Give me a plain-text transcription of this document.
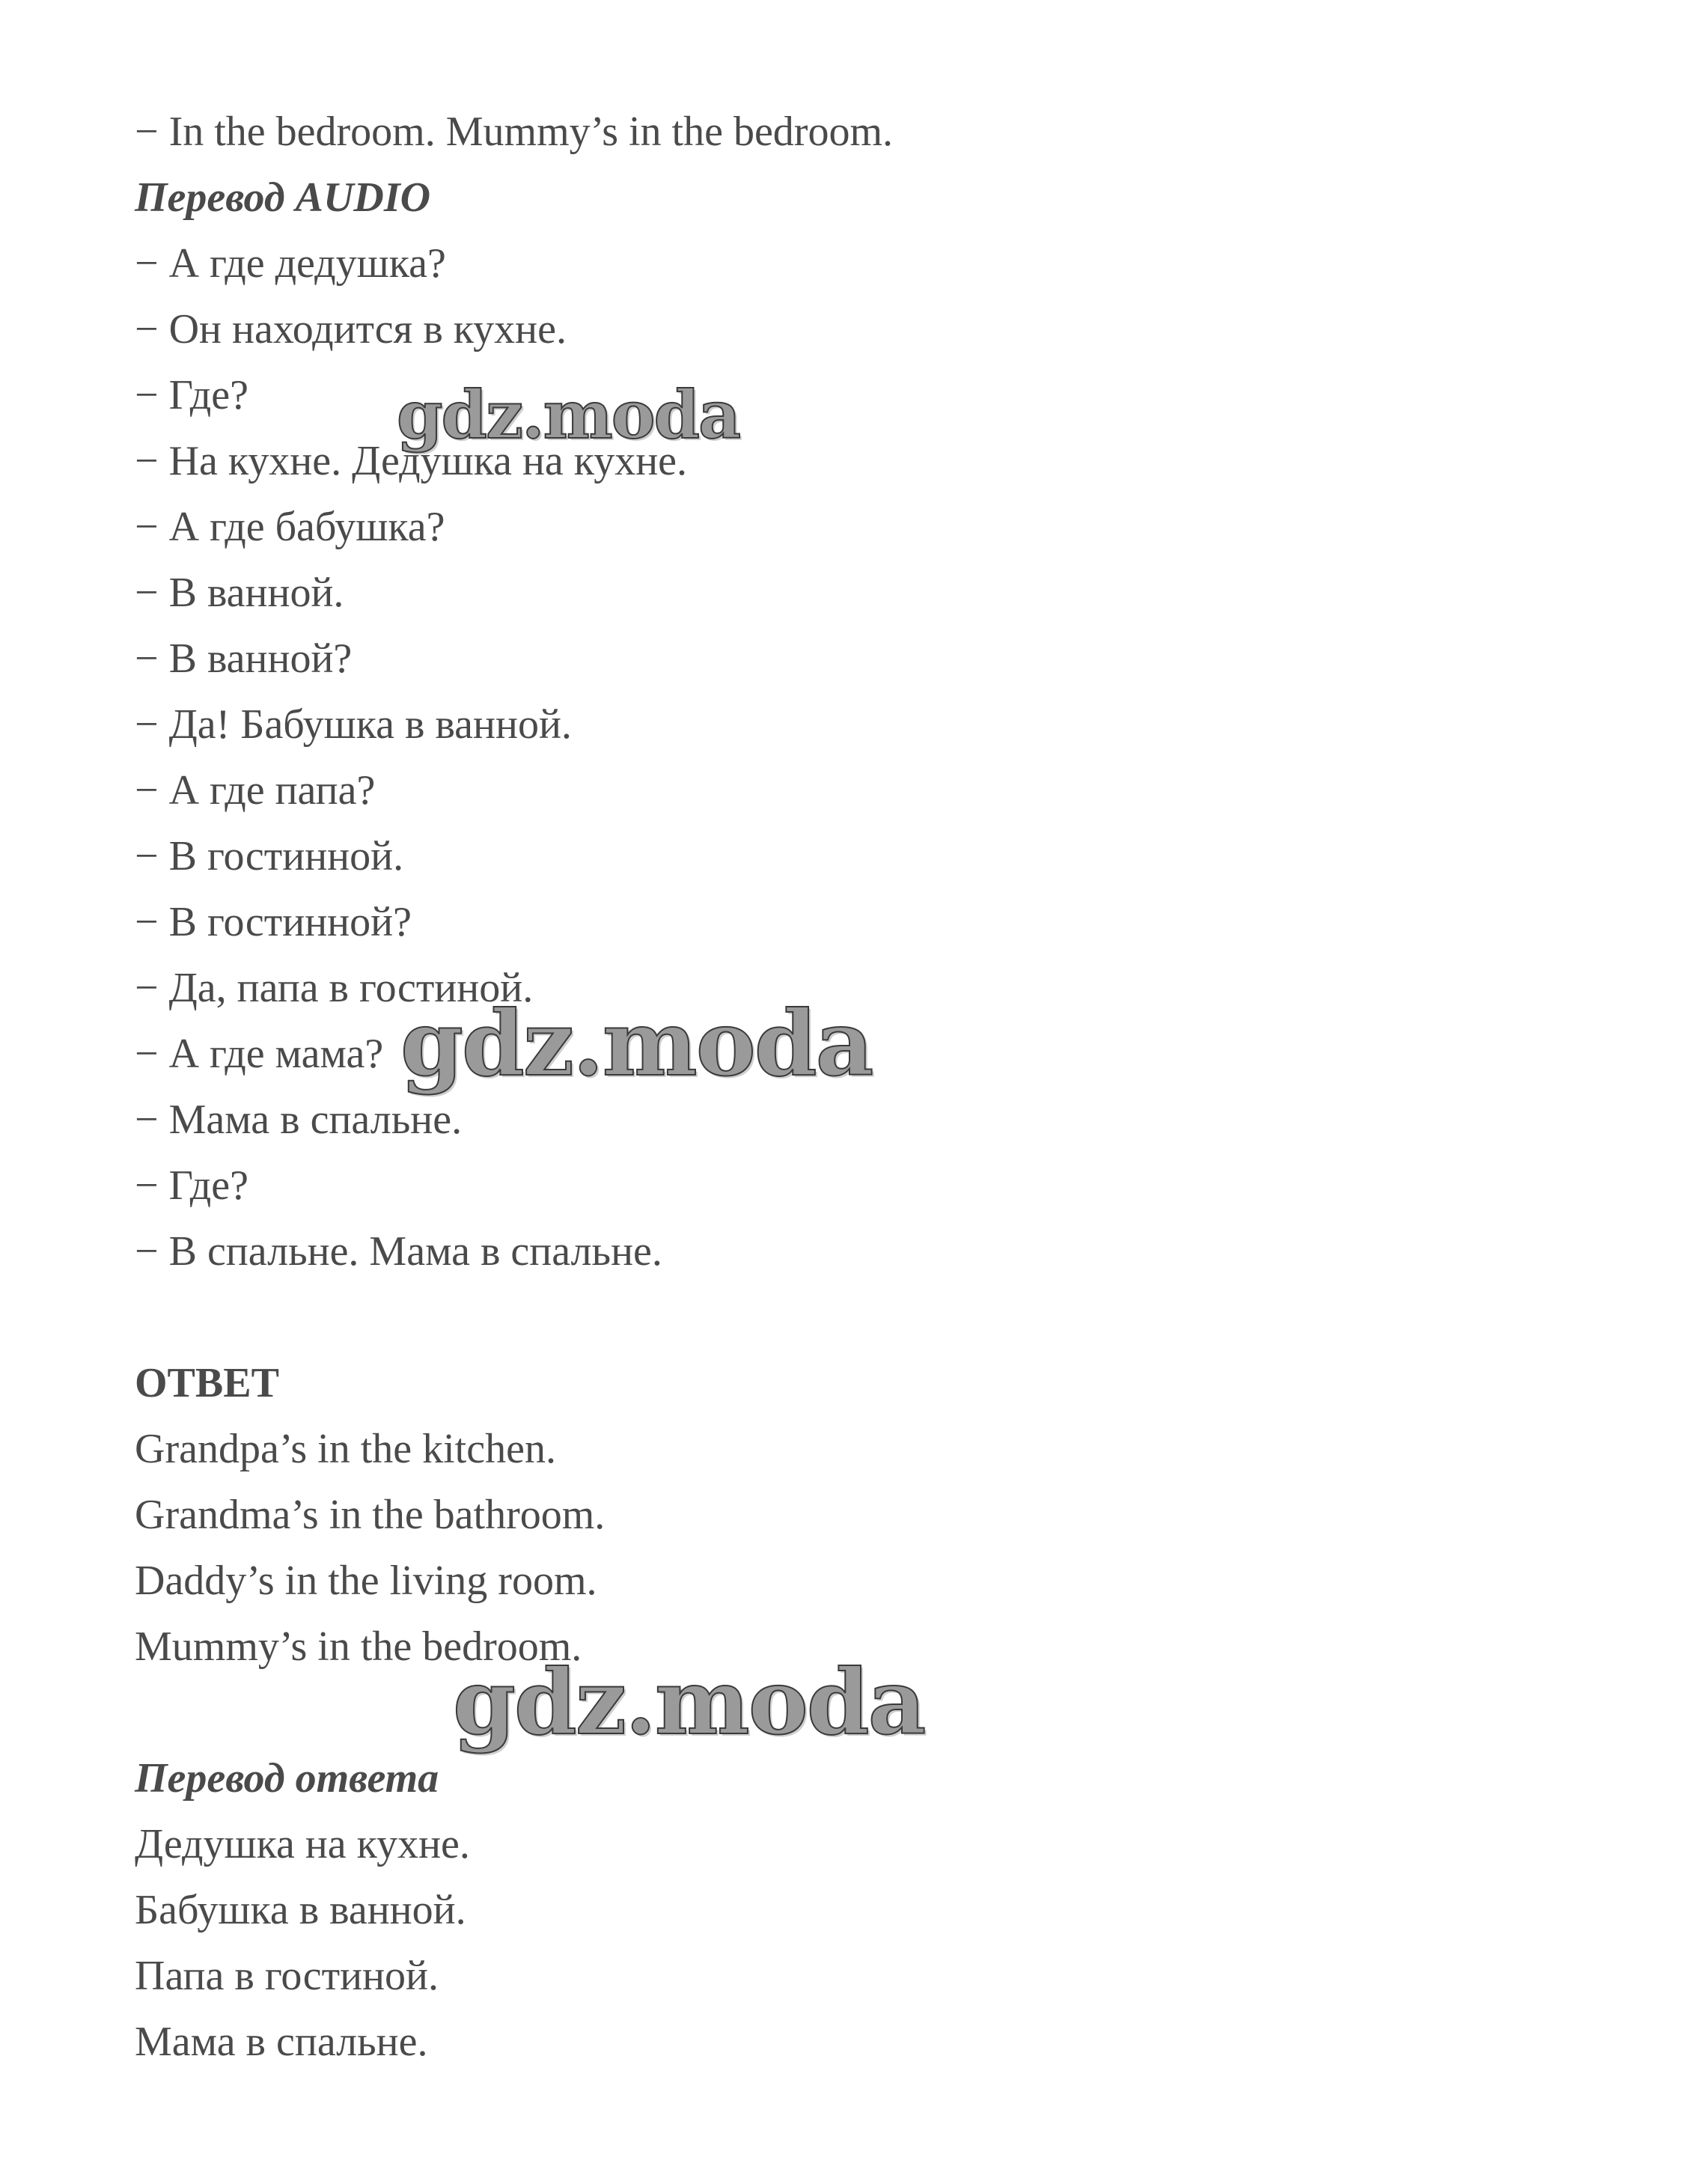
− In the bedroom. Mummy’s in the bedroom.
Перевод AUDIO
− А где дедушка?
− Он находится в кухне.
− Где?
− На кухне. Дедушка на кухне.
− А где бабушка?
− В ванной.
− В ванной?
− Да! Бабушка в ванной.
− А где папа?
− В гостинной.
− В гостинной?
− Да, папа в гостиной.
− А где мама?
− Мама в спальне.
− Где?
− В спальне. Мама в спальне.
ОТВЕТ
Grandpa’s in the kitchen.
Grandma’s in the bathroom.
Daddy’s in the living room.
Mummy’s in the bedroom.
Перевод ответа
Дедушка на кухне.
Бабушка в ванной.
Папа в гостиной.
Мама в спальне.
gdz.moda
gdz.moda
gdz.moda
